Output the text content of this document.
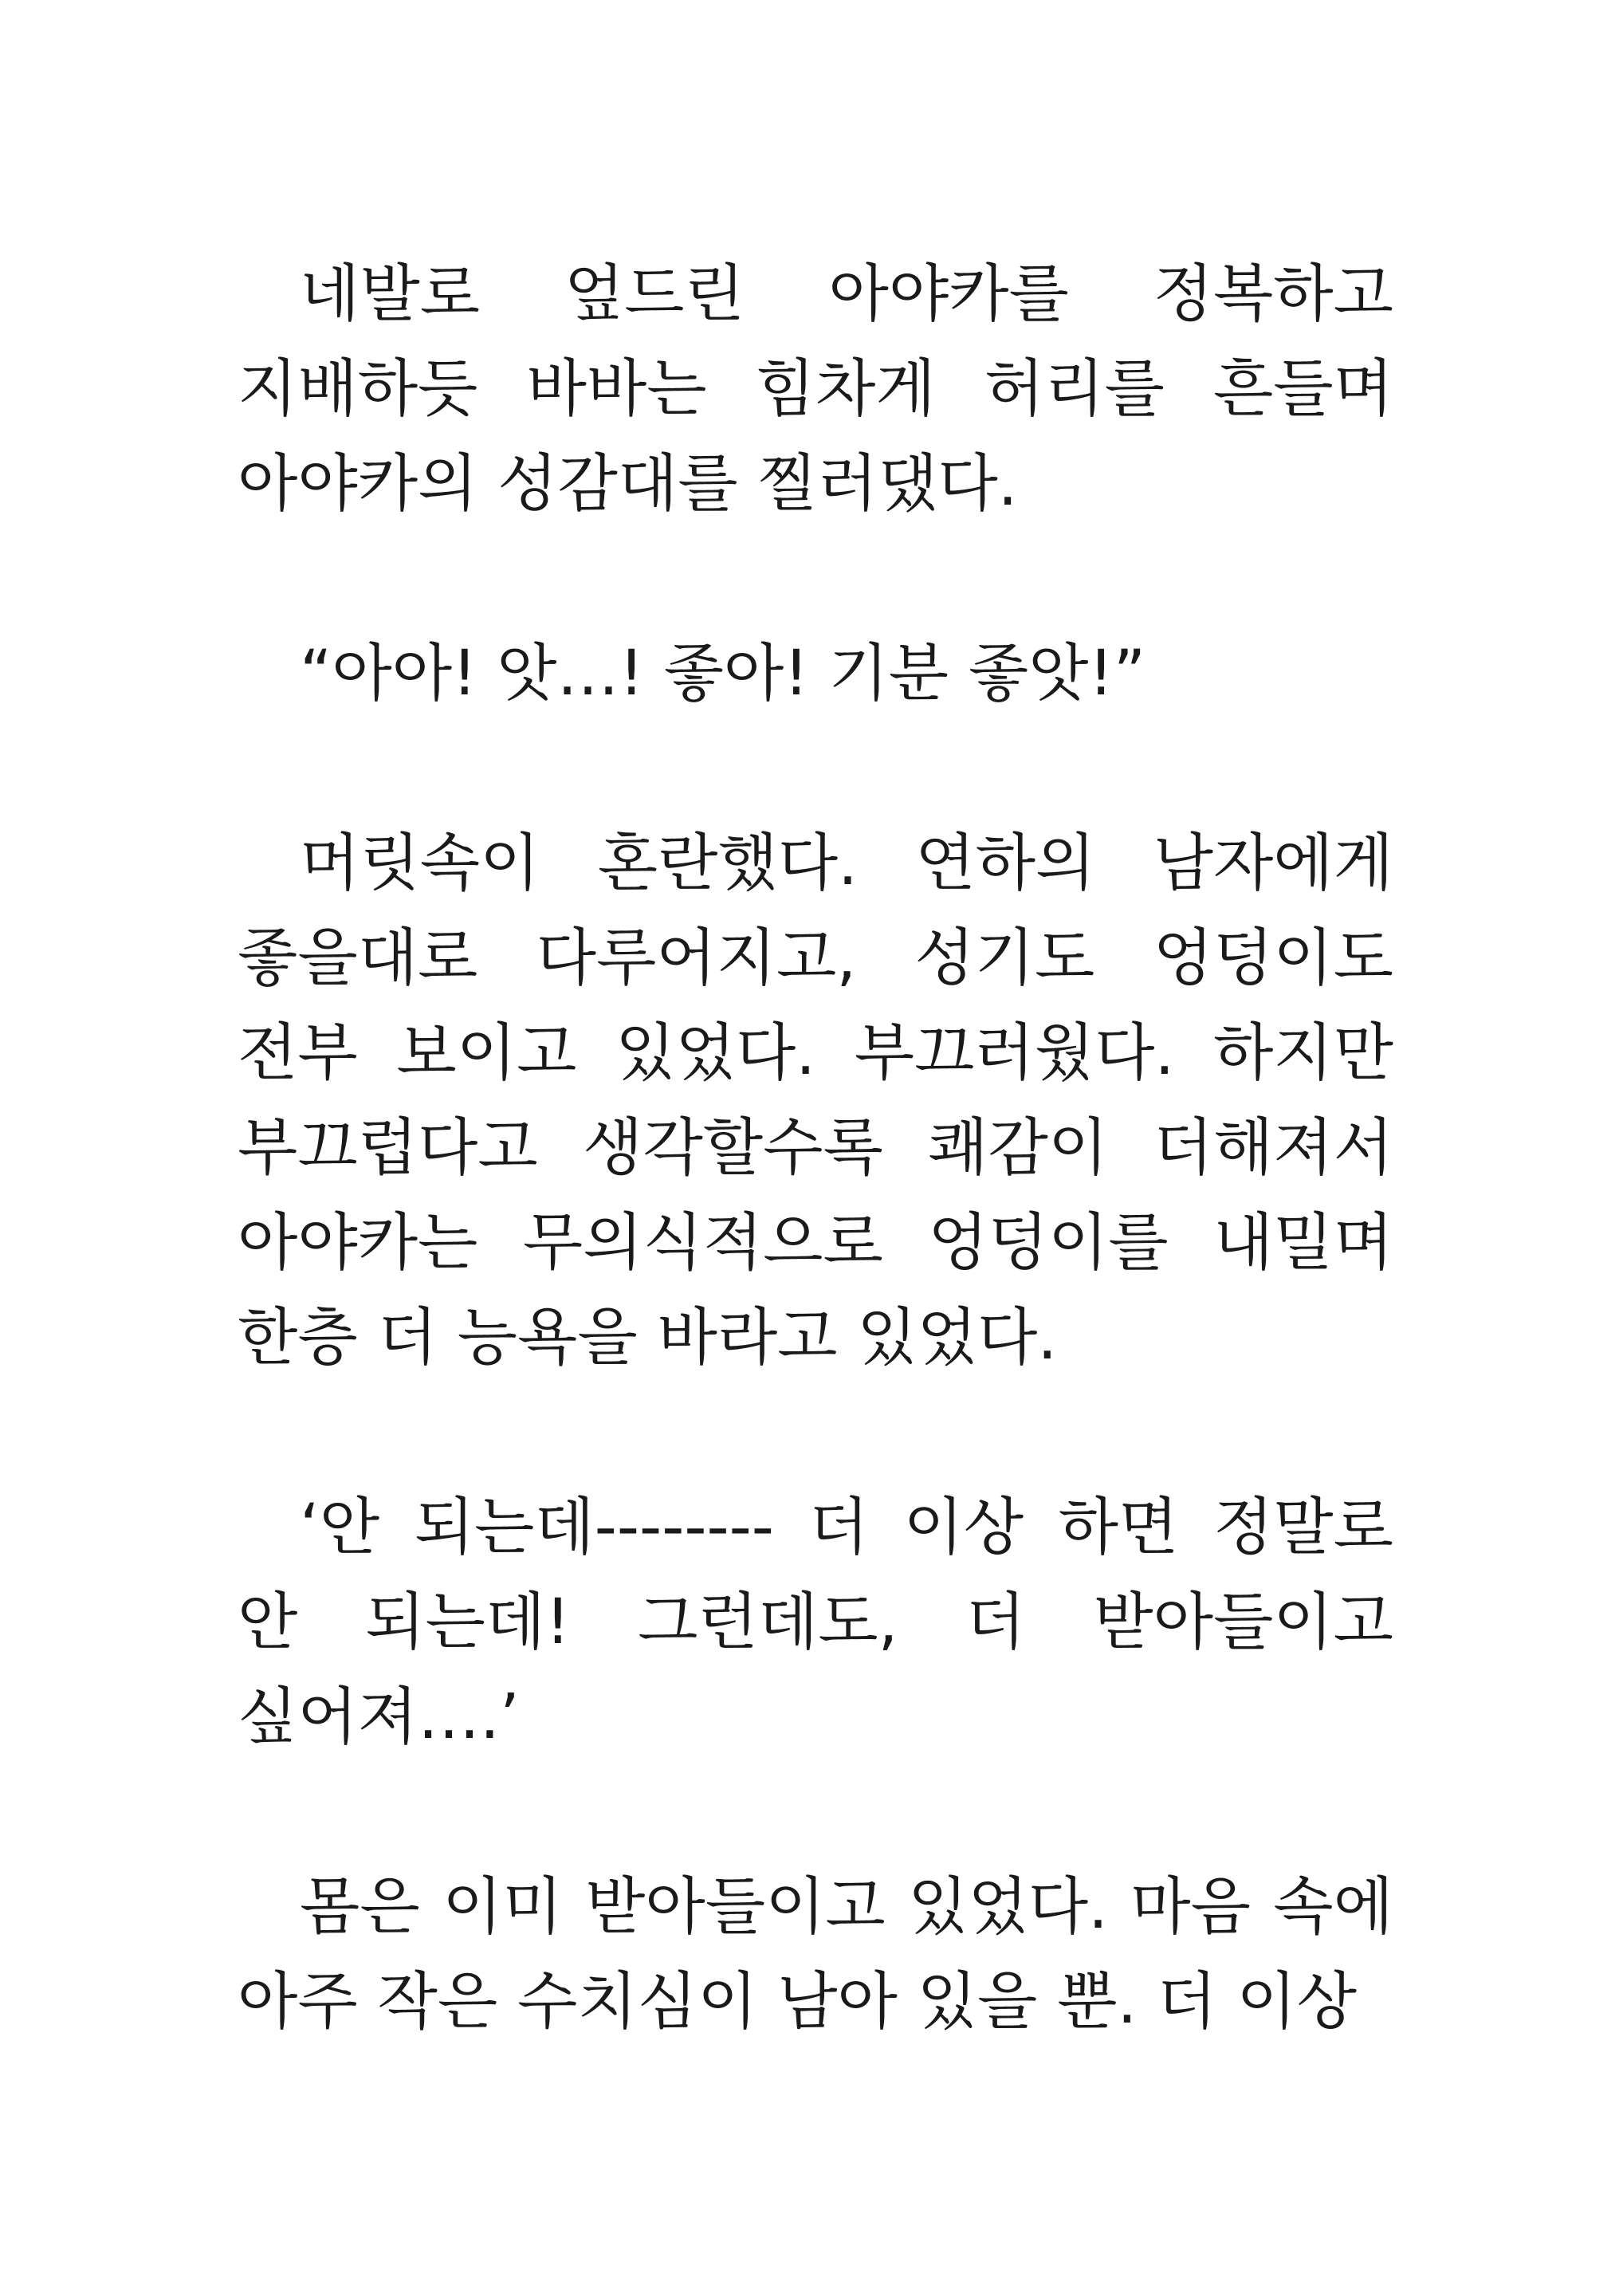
네발로 엎드린 아야카를 정복하고 지배하듯 바바는 힘차게 허리를 흔들며 아야카의 성감대를 찔러댔다.

“아아! 앗…! 좋아! 기분 좋앗!”

머릿속이 혼란했다. 연하의 남자에게 좋을대로 다루어지고, 성기도 엉덩이도 전부 보이고 있었다. 부끄러웠다. 하지만 부끄럽다고 생각할수록 쾌감이 더해져서 아야카는 무의식적으로 엉덩이를 내밀며 한층 더 능욕을 바라고 있었다.

‘안 되는데-------- 더 이상 하면 정말로 안 되는데! 그런데도, 더 받아들이고 싶어져….’

몸은 이미 받아들이고 있었다. 마음 속에 아주 작은 수치심이 남아 있을 뿐. 더 이상
